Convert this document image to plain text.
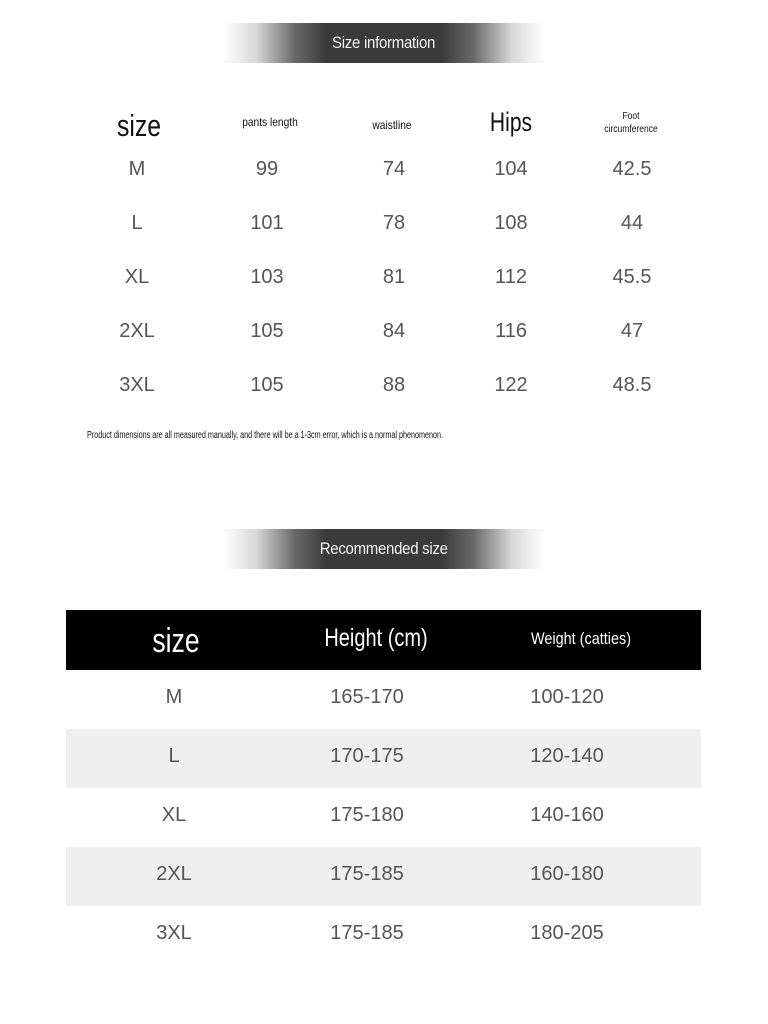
Size information
size	pants length	waistline	Hips	Foot
circumference
M	99	74	104	42.5
L	101	78	108	44
XL	103	81	112	45.5
2XL	105	84	116	47
3XL	105	88	122	48.5
Product dimensions are all measured manually, and there will be a 1-3cm error, which is a normal phenomenon.
Recommended size
size	Height (cm)	Weight (catties)
M	165-170	100-120
L	170-175	120-140
XL	175-180	140-160
2XL	175-185	160-180
3XL	175-185	180-205
